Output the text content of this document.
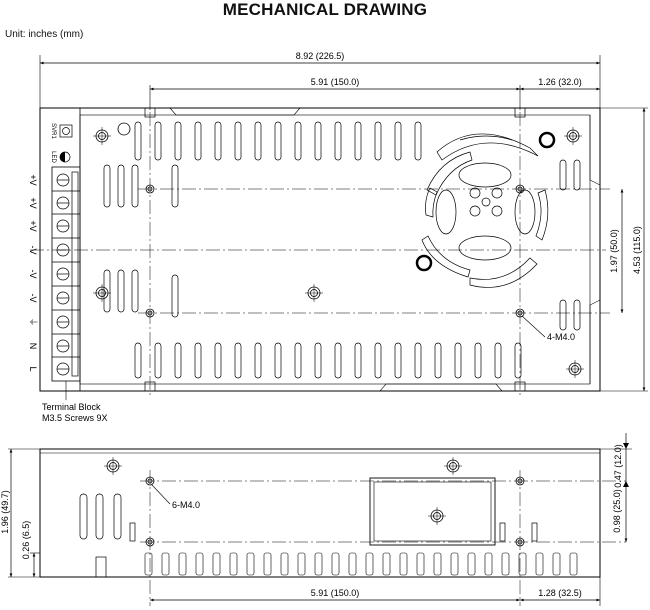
MECHANICAL DRAWING
Unit: inches (mm)
8.92 (226.5)
5.91 (150.0)	1.26 (32.0)
4-M4.0
4.53 (115.0)
1.97 (50.0)
SVR1
LED
+V
+V
+V
-V
-V
-V
⏚
N
L
Terminal Block
M3.5 Screws 9X
6-M4.0
1.96 (49.7)
0.26 (6.5)
0.47 (12.0)
0.98 (25.0)
5.91 (150.0)	1.28 (32.5)
